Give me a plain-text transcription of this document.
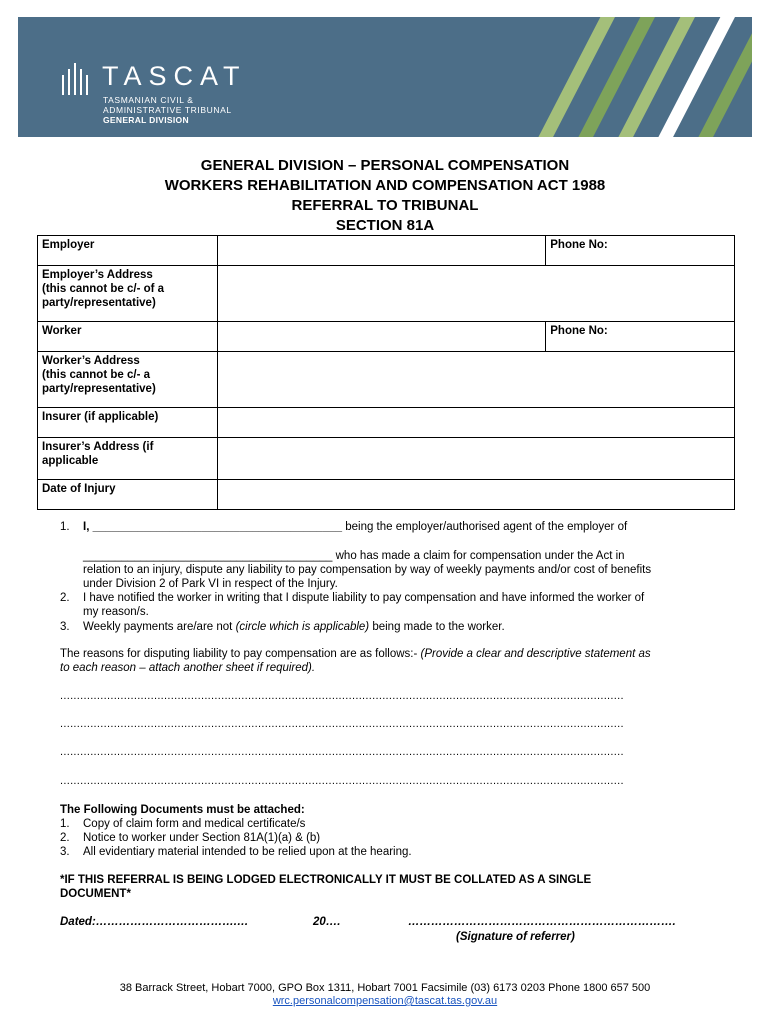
TASCAT
TASMANIAN CIVIL &
ADMINISTRATIVE TRIBUNAL
GENERAL DIVISION
GENERAL DIVISION – PERSONAL COMPENSATION
WORKERS REHABILITATION AND COMPENSATION ACT 1988
REFERRAL TO TRIBUNAL
SECTION 81A
Employer		Phone No:

Employer’s Address
(this cannot be c/- of a
party/representative)		

Worker		Phone No:

Worker’s Address
(this cannot be c/- a
party/representative)		

Insurer (if applicable)		

Insurer’s Address (if
applicable		

Date of Injury		
1. I, _______________________________________ being the employer/authorised agent of the employer of
_______________________________________ who has made a claim for compensation under the Act in
relation to an injury, dispute any liability to pay compensation by way of weekly payments and/or cost of benefits
under Division 2 of Park VI in respect of the Injury.
2. I have notified the worker in writing that I dispute liability to pay compensation and have informed the worker of
my reason/s.
3. Weekly payments are/are not (circle which is applicable) being made to the worker.
The reasons for disputing liability to pay compensation are as follows:- (Provide a clear and descriptive statement as
to each reason – attach another sheet if required).
........................................................................................................................................................................
........................................................................................................................................................................
........................................................................................................................................................................
........................................................................................................................................................................
The Following Documents must be attached:
1. Copy of claim form and medical certificate/s
2. Notice to worker under Section 81A(1)(a) & (b)
3. All evidentiary material intended to be relied upon at the hearing.
*IF THIS REFERRAL IS BEING LODGED ELECTRONICALLY IT MUST BE COLLATED AS A SINGLE
DOCUMENT*
Dated:……………………………….…	20….	…………………………………………………………….
(Signature of referrer)
38 Barrack Street, Hobart 7000, GPO Box 1311, Hobart 7001 Facsimile (03) 6173 0203 Phone 1800 657 500
wrc.personalcompensation@tascat.tas.gov.au
